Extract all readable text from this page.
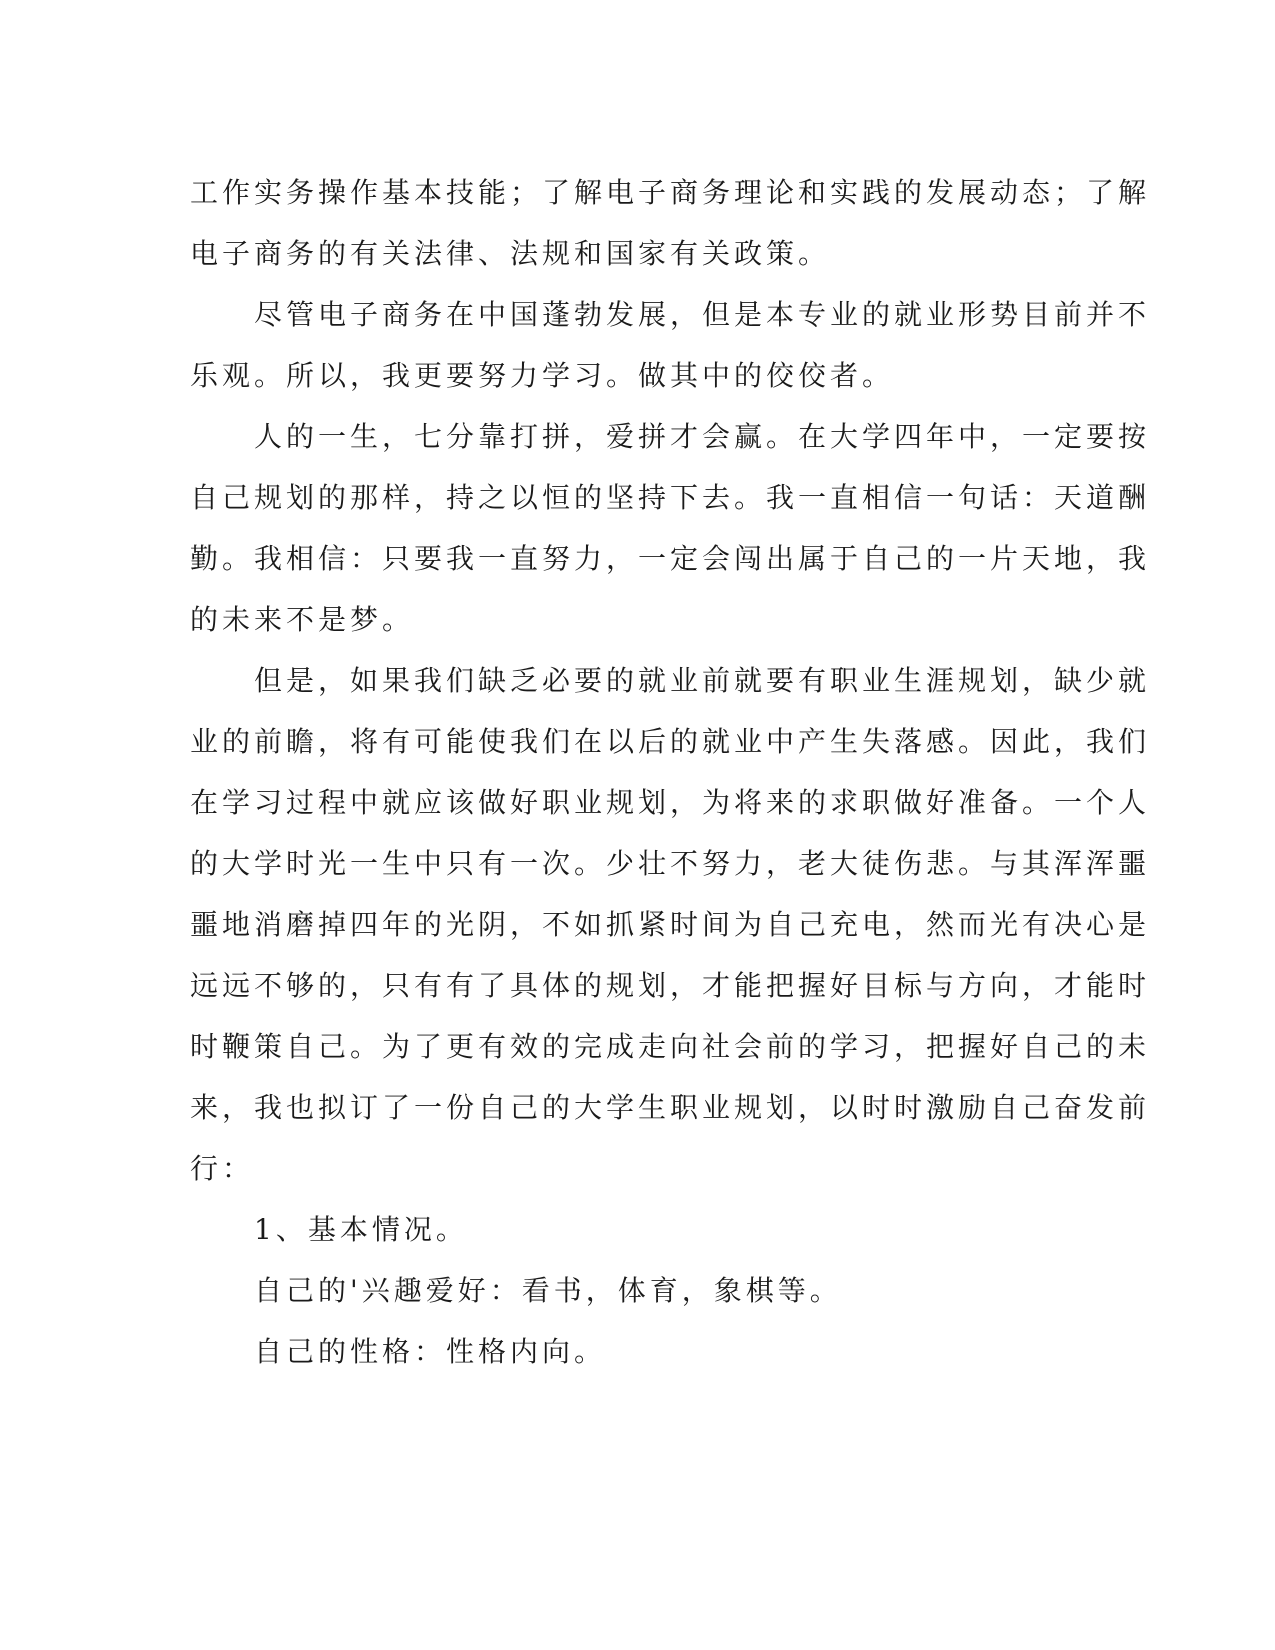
工作实务操作基本技能；了解电子商务理论和实践的发展动态；了解
电子商务的有关法律、法规和国家有关政策。

尽管电子商务在中国蓬勃发展，但是本专业的就业形势目前并不
乐观。所以，我更要努力学习。做其中的佼佼者。

人的一生，七分靠打拼，爱拼才会赢。在大学四年中，一定要按
自己规划的那样，持之以恒的坚持下去。我一直相信一句话：天道酬
勤。我相信：只要我一直努力，一定会闯出属于自己的一片天地，我
的未来不是梦。

但是，如果我们缺乏必要的就业前就要有职业生涯规划，缺少就
业的前瞻，将有可能使我们在以后的就业中产生失落感。因此，我们
在学习过程中就应该做好职业规划，为将来的求职做好准备。一个人
的大学时光一生中只有一次。少壮不努力，老大徒伤悲。与其浑浑噩
噩地消磨掉四年的光阴，不如抓紧时间为自己充电，然而光有决心是
远远不够的，只有有了具体的规划，才能把握好目标与方向，才能时
时鞭策自己。为了更有效的完成走向社会前的学习，把握好自己的未
来，我也拟订了一份自己的大学生职业规划，以时时激励自己奋发前
行：

1、基本情况。

自己的'兴趣爱好：看书，体育，象棋等。

自己的性格：性格内向。
